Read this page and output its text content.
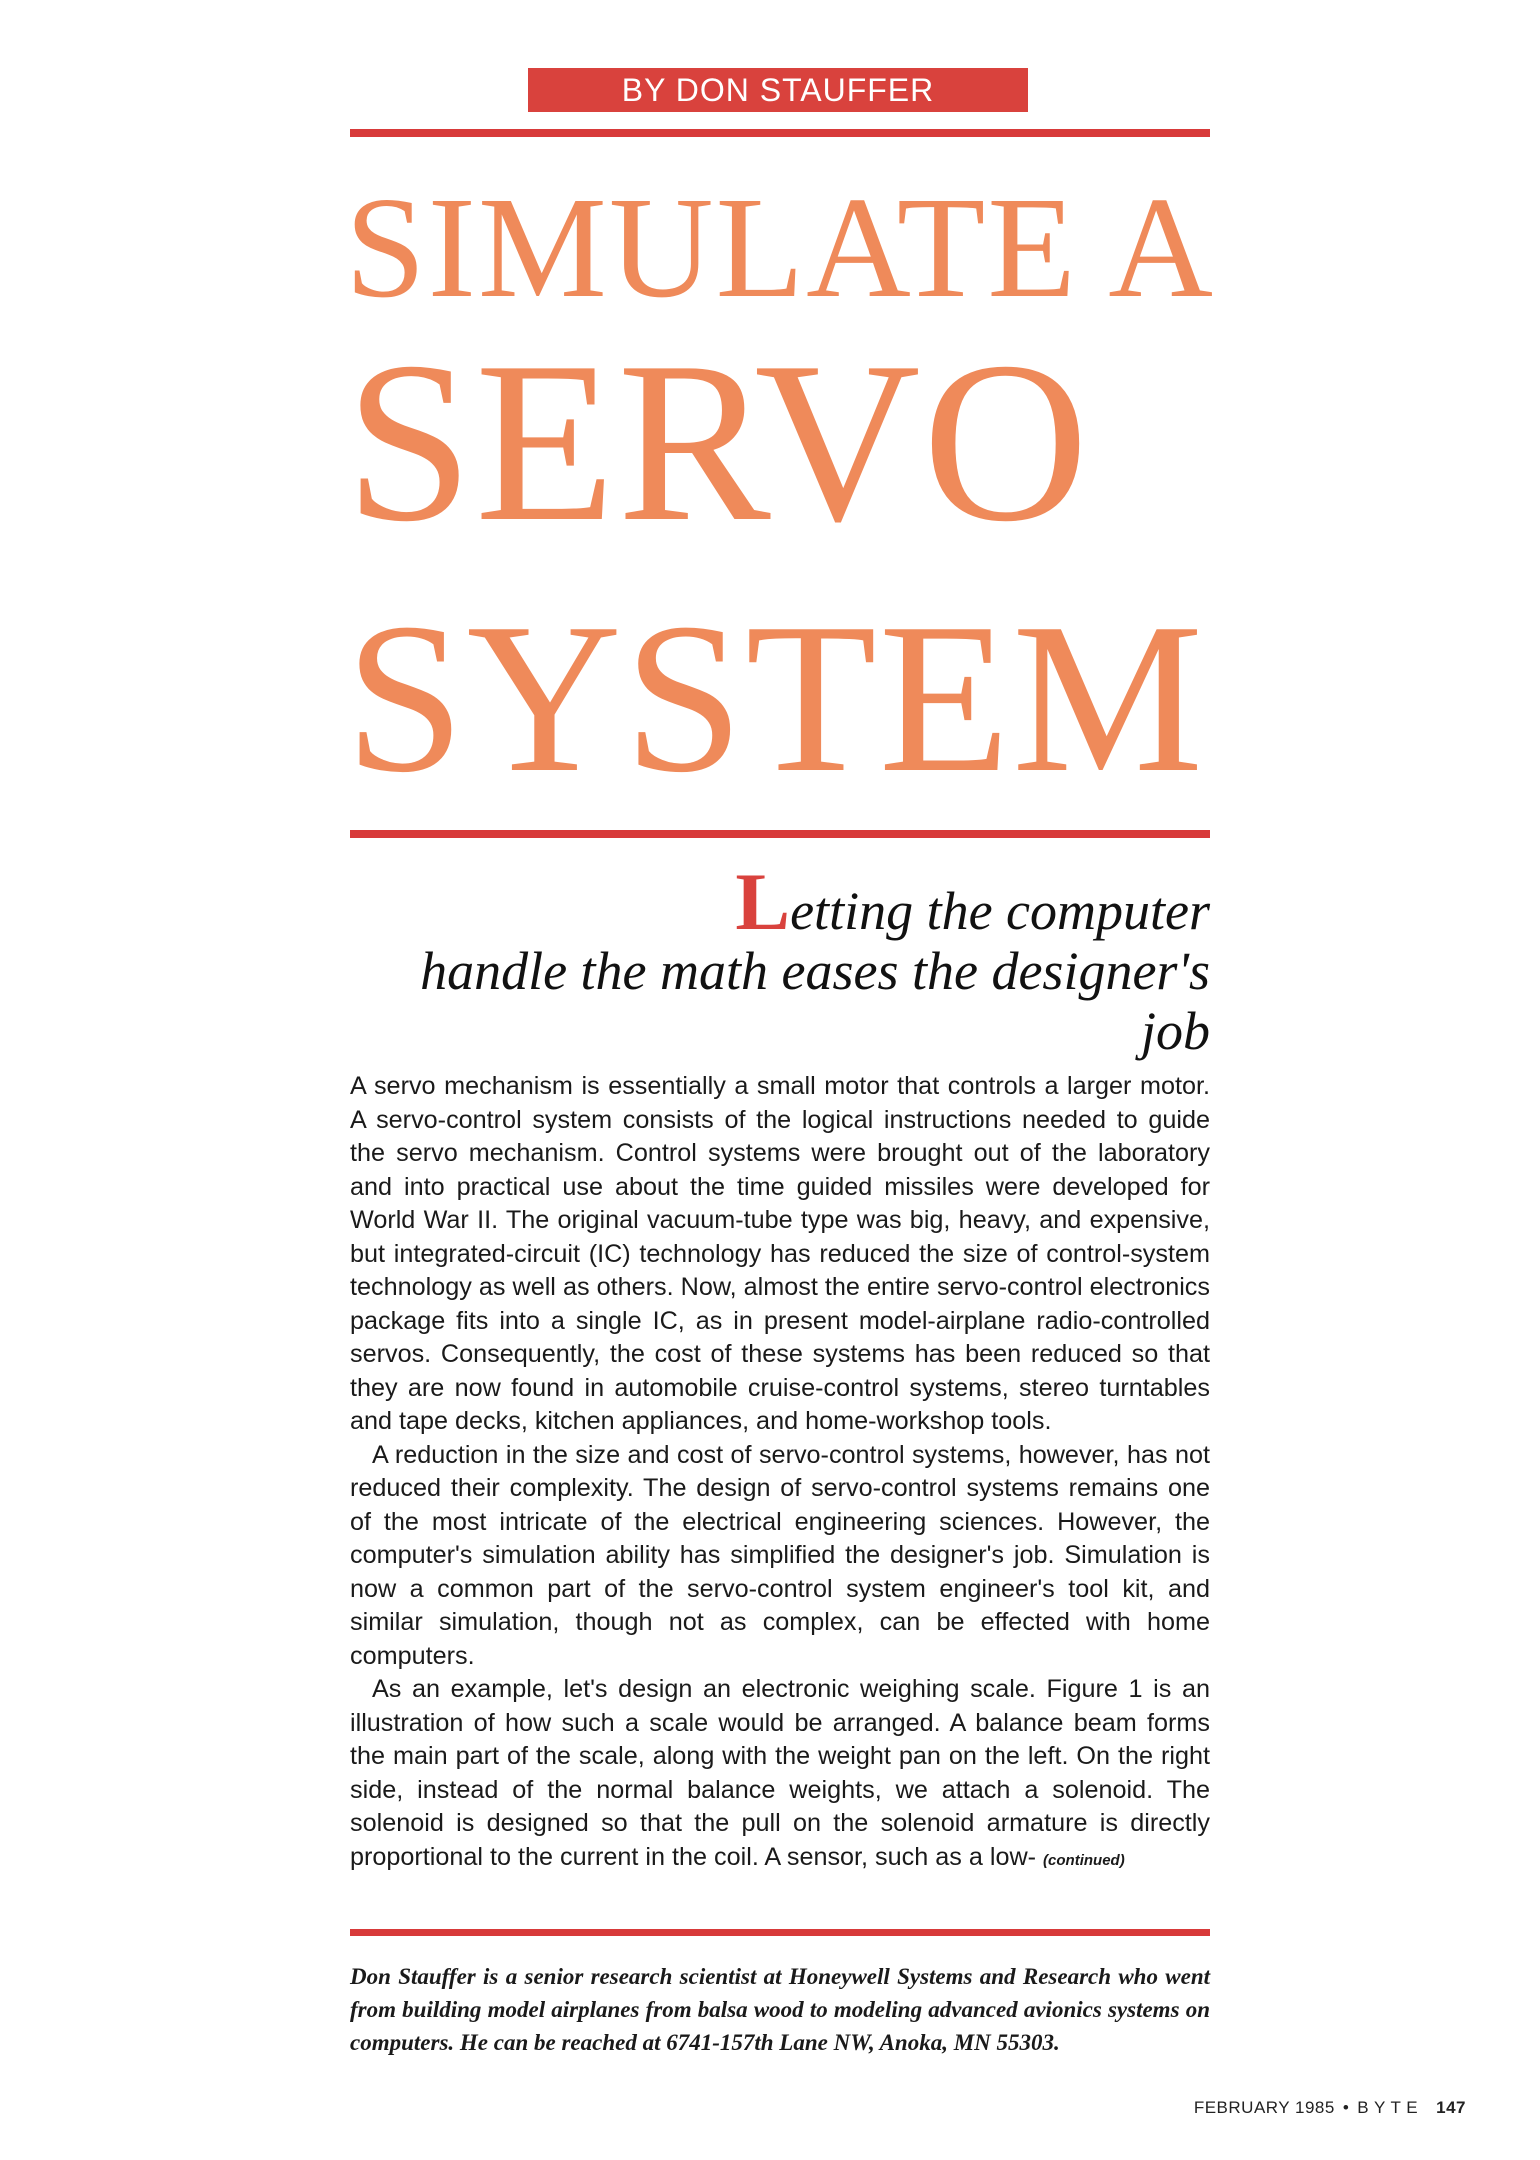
BY DON STAUFFER
SIMULATE A
SERVO
SYSTEM
Letting the computer
handle the math eases the designer's job

A servo mechanism is essentially a small motor that controls a larger motor. A servo-control system consists of the logical instructions needed to guide the servo mechanism. Control systems were brought out of the laboratory and into practical use about the time guided missiles were developed for World War II. The original vacuum-tube type was big, heavy, and expensive, but integrated-circuit (IC) technology has reduced the size of control-system technology as well as others. Now, almost the entire servo-control electronics package fits into a single IC, as in present model-airplane radio-controlled servos. Consequently, the cost of these systems has been reduced so that they are now found in automobile cruise-control systems, stereo turntables and tape decks, kitchen appliances, and home-workshop tools.

A reduction in the size and cost of servo-control systems, however, has not reduced their complexity. The design of servo-control systems remains one of the most intricate of the electrical engineering sciences. However, the computer's simulation ability has simplified the designer's job. Simulation is now a common part of the servo-control system engineer's tool kit, and similar simulation, though not as complex, can be effected with home computers.

As an example, let's design an electronic weighing scale. Figure 1 is an illustration of how such a scale would be arranged. A balance beam forms the main part of the scale, along with the weight pan on the left. On the right side, instead of the normal balance weights, we attach a solenoid. The solenoid is designed so that the pull on the solenoid armature is directly proportional to the current in the coil. A sensor, such as a low- (continued)

Don Stauffer is a senior research scientist at Honeywell Systems and Research who went from building model airplanes from balsa wood to modeling advanced avionics systems on computers. He can be reached at 6741-157th Lane NW, Anoka, MN 55303.
FEBRUARY 1985 • B Y T E 147
